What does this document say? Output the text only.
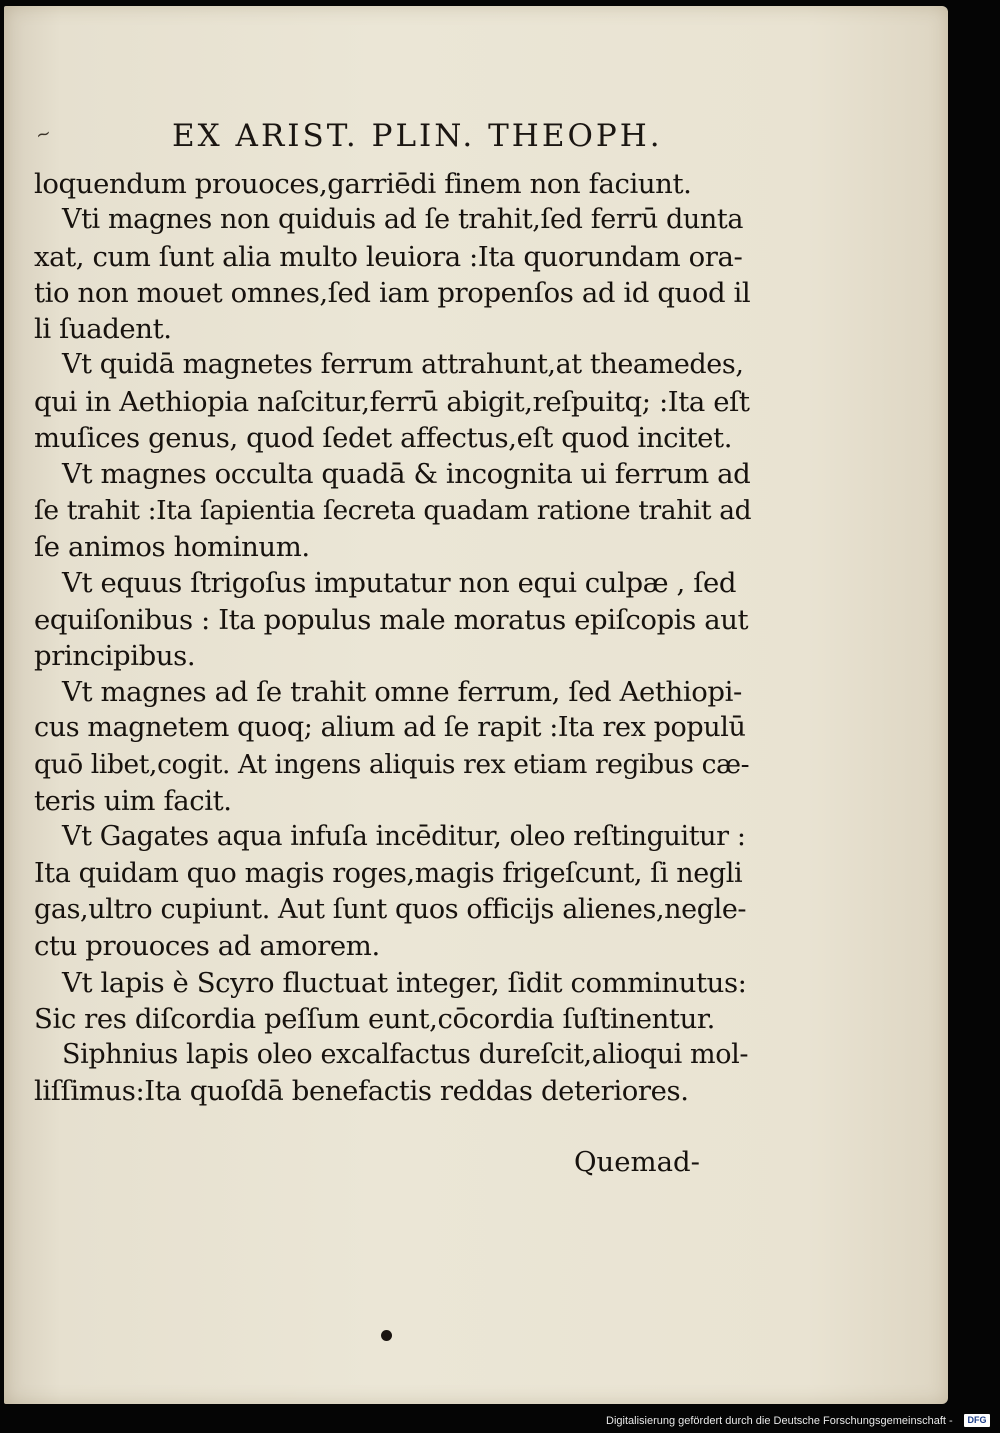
~	EX ARIST. PLIN. THEOPH.
loquendum prouoces,garriēdi finem non faciunt.
Vti magnes non quiduis ad ſe trahit,ſed ferrū dunta
xat, cum ſunt alia multo leuiora :Ita quorundam ora-
tio non mouet omnes,ſed iam propenſos ad id quod il
li ſuadent.
Vt quidā magnetes ferrum attrahunt,at theamedes,
qui in Aethiopia naſcitur,ferrū abigit,reſpuitq; :Ita eſt
muſices genus, quod ſedet affectus,eſt quod incitet.
Vt magnes occulta quadā & incognita ui ferrum ad
ſe trahit :Ita ſapientia ſecreta quadam ratione trahit ad
ſe animos hominum.
Vt equus ſtrigoſus imputatur non equi culpæ , ſed
equiſonibus : Ita populus male moratus epiſcopis aut
principibus.
Vt magnes ad ſe trahit omne ferrum, ſed Aethiopi-
cus magnetem quoq; alium ad ſe rapit :Ita rex populū
quō libet,cogit. At ingens aliquis rex etiam regibus cæ-
teris uim facit.
Vt Gagates aqua infuſa incēditur, oleo reſtinguitur :
Ita quidam quo magis roges,magis frigeſcunt, ſi negli
gas,ultro cupiunt. Aut ſunt quos officijs alienes,negle-
ctu prouoces ad amorem.
Vt lapis è Scyro fluctuat integer, ſidit comminutus:
Sic res diſcordia peſſum eunt,cōcordia ſuſtinentur.
Siphnius lapis oleo excalfactus dureſcit,alioqui mol-
liſſimus:Ita quoſdā benefactis reddas deteriores.
Quemad-
Digitalisierung gefördert durch die Deutsche Forschungsgemeinschaft -	DFG
